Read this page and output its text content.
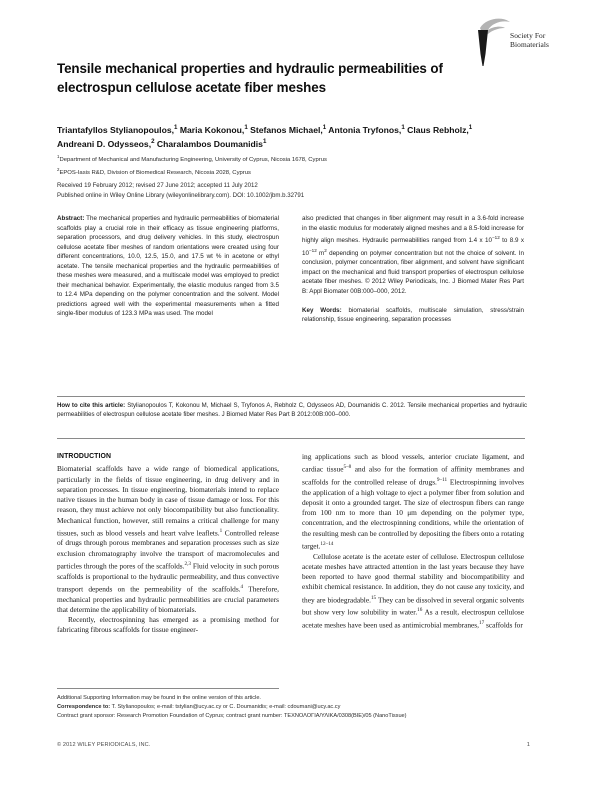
Society For
Biomaterials
Tensile mechanical properties and hydraulic permeabilities of electrospun cellulose acetate fiber meshes
Triantafyllos Stylianopoulos,$^1$ Maria Kokonou,$^1$ Stefanos Michael,$^1$ Antonia Tryfonos,$^1$ Claus Rebholz,$^1$ Andreani D. Odysseos,$^2$ Charalambos Doumanidis$^1$
$^1$Department of Mechanical and Manufacturing Engineering, University of Cyprus, Nicosia 1678, Cyprus
$^2$EPOS-Iasis R&D, Division of Biomedical Research, Nicosia 2028, Cyprus
Received 19 February 2012; revised 27 June 2012; accepted 11 July 2012
Published online in Wiley Online Library (wileyonlinelibrary.com). DOI: 10.1002/jbm.b.32791
Abstract: The mechanical properties and hydraulic permeabilities of biomaterial scaffolds play a crucial role in their efficacy as tissue engineering platforms, separation processors, and drug delivery vehicles. In this study, electrospun cellulose acetate fiber meshes of random orientations were created using four different concentrations, 10.0, 12.5, 15.0, and 17.5 wt % in acetone or ethyl acetate. The tensile mechanical properties and the hydraulic permeabilities of these meshes were measured, and a multiscale model was employed to predict their mechanical behavior. Experimentally, the elastic modulus ranged from 3.5 to 12.4 MPa depending on the polymer concentration and the solvent. Model predictions agreed well with the experimental measurements when a fitted single-fiber modulus of 123.3 MPa was used. The model
also predicted that changes in fiber alignment may result in a 3.6-fold increase in the elastic modulus for moderately aligned meshes and a 8.5-fold increase for highly align meshes. Hydraulic permeabilities ranged from 1.4 x $10^{-12}$ to 8.9 x $10^{-12}$ $m^2$ depending on polymer concentration but not the choice of solvent. In conclusion, polymer concentration, fiber alignment, and solvent have significant impact on the mechanical and fluid transport properties of electrospun cellulose acetate fiber meshes. © 2012 Wiley Periodicals, Inc. J Biomed Mater Res Part B: Appl Biomater 00B:000–000, 2012.
Key Words: biomaterial scaffolds, multiscale simulation, stress/strain relationship, tissue engineering, separation processes
How to cite this article: Stylianopoulos T, Kokonou M, Michael S, Tryfonos A, Rebholz C, Odysseos AD, Doumanidis C. 2012. Tensile mechanical properties and hydraulic permeabilities of electrospun cellulose acetate fiber meshes. J Biomed Mater Res Part B 2012:00B:000–000.
INTRODUCTION
Biomaterial scaffolds have a wide range of biomedical applications, particularly in the fields of tissue engineering, in drug delivery and in separation processes. In tissue engineering, biomaterials intend to replace native tissues in the human body in case of tissue damage or loss. For this reason, they must achieve not only biocompatibility but also functionality. Mechanical function, however, still remains a critical challenge for many tissues, such as blood vessels and heart valve leaflets.$^1$ Controlled release of drugs through porous membranes and separation processes such as size exclusion chromatography involve the transport of macromolecules and particles through the pores of the scaffolds.$^{2,3}$ Fluid velocity in such porous scaffolds is proportional to the hydraulic permeability, and thus convective transport depends on the permeability of the scaffolds.$^4$ Therefore, mechanical properties and hydraulic permeabilities are crucial parameters that determine the applicability of biomaterials.
Recently, electrospinning has emerged as a promising method for fabricating fibrous scaffolds for tissue engineer-
ing applications such as blood vessels, anterior cruciate ligament, and cardiac tissue$^{5-8}$ and also for the formation of affinity membranes and scaffolds for the controlled release of drugs.$^{9-11}$ Electrospinning involves the application of a high voltage to eject a polymer fiber from solution and deposit it onto a grounded target. The size of electrospun fibers can range from 100 nm to more than 10 μm depending on the polymer type, concentration, and the electrospinning conditions, while the orientation of the resulting mesh can be controlled by depositing the fibers onto a rotating target.$^{12-14}$
Cellulose acetate is the acetate ester of cellulose. Electrospun cellulose acetate meshes have attracted attention in the last years because they have been reported to have good thermal stability and biocompatibility and exhibit chemical resistance. In addition, they do not cause any toxicity, and they are biodegradable.$^{15}$ They can be dissolved in several organic solvents but show very low solubility in water.$^{16}$ As a result, electrospun cellulose acetate meshes have been used as antimicrobial membranes,$^{17}$ scaffolds for
Additional Supporting Information may be found in the online version of this article.
Correspondence to: T. Stylianopoulos; e-mail: tstylian@ucy.ac.cy or C. Doumanidis; e-mail: cdoumani@ucy.ac.cy
Contract grant sponsor: Research Promotion Foundation of Cyprus; contract grant number: ΤΕΧΝΟΛΟΓΙΑ/ΥΛΙΚΑ/0308(ΒΙΕ)/05 (NanoTissue)
© 2012 WILEY PERIODICALS, INC.	1
